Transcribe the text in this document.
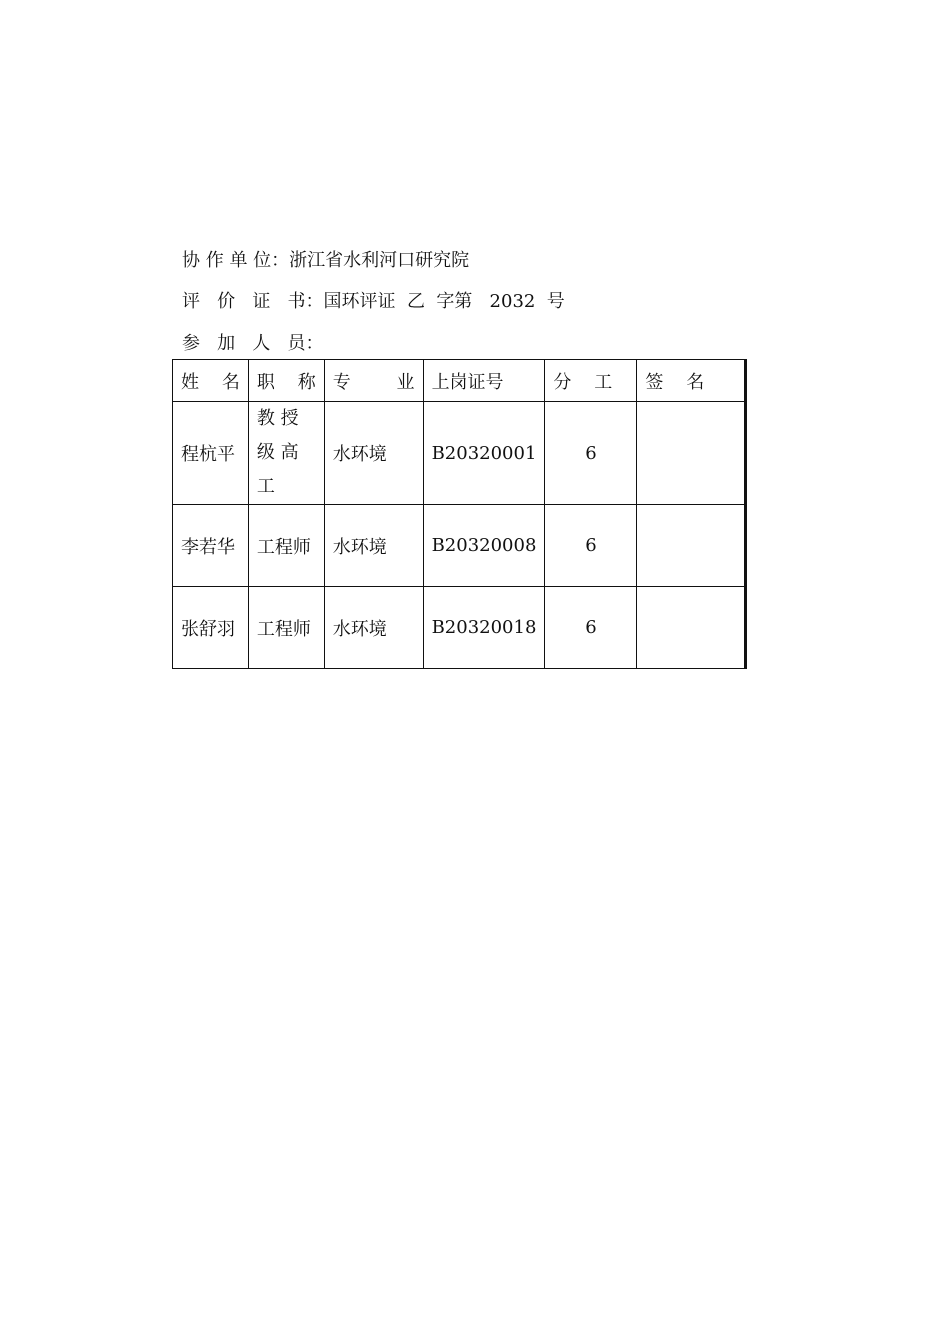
协 作 单 位：浙江省水利河口研究院
评   价   证   书：国环评证  乙  字第   2032  号
参   加   人   员：
姓    名	职    称	专        业	上岗证号	分    工	签    名
程杭平	教 授 级 高工	水环境	B20320001	6	
李若华	工程师	水环境	B20320008	6	
张舒羽	工程师	水环境	B20320018	6	
